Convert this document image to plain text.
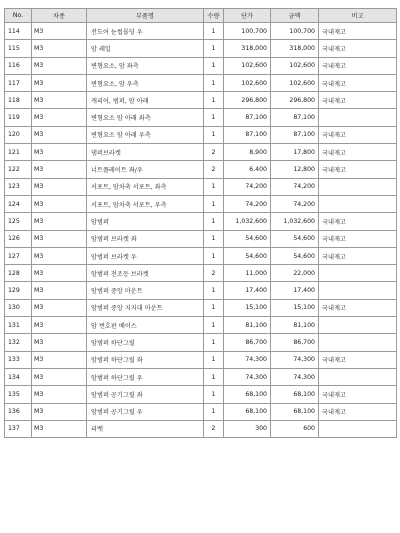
No.	차종	부품명	수량	단가	금액	비고
114	M3	전도어 눈썹몰딩 우	1	100,700	100,700	국내재고
115	M3	암 레일	1	318,000	318,000	국내재고
116	M3	변형요소, 암 좌측	1	102,600	102,600	국내재고
117	M3	변형요소, 암 우측	1	102,600	102,600	국내재고
118	M3	캐리어, 범퍼, 암 아래	1	296,800	296,800	국내재고
119	M3	변형요소 암 아래 좌측	1	87,100	87,100	
120	M3	변형요소 암 아래 우측	1	87,100	87,100	국내재고
121	M3	댐퍼브라켓	2	8,900	17,800	국내재고
122	M3	너트플레이트 좌/우	2	6,400	12,800	국내재고
123	M3	서포트, 암차축 서포트, 좌측	1	74,200	74,200	
124	M3	서포트, 암차축 서포트, 우측	1	74,200	74,200	
125	M3	암범퍼	1	1,032,600	1,032,600	국내재고
126	M3	암범퍼 브라켓 좌	1	54,600	54,600	국내재고
127	M3	암범퍼 브라켓 우	1	54,600	54,600	국내재고
128	M3	암범퍼 전조등 브라켓	2	11,000	22,000	
129	M3	암범퍼 중앙 마운트	1	17,400	17,400	
130	M3	암범퍼 중앙 지지대 마운트	1	15,100	15,100	국내재고
131	M3	암 번호판 베이스	1	81,100	81,100	
132	M3	암범퍼 하단그릴	1	86,700	86,700	
133	M3	암범퍼 하단그릴 좌	1	74,300	74,300	국내재고
134	M3	암범퍼 하단그릴 우	1	74,300	74,300	
135	M3	암범퍼 공기그릴 좌	1	68,100	68,100	국내재고
136	M3	암범퍼 공기그릴 우	1	68,100	68,100	국내재고
137	M3	리벳	2	300	600	
